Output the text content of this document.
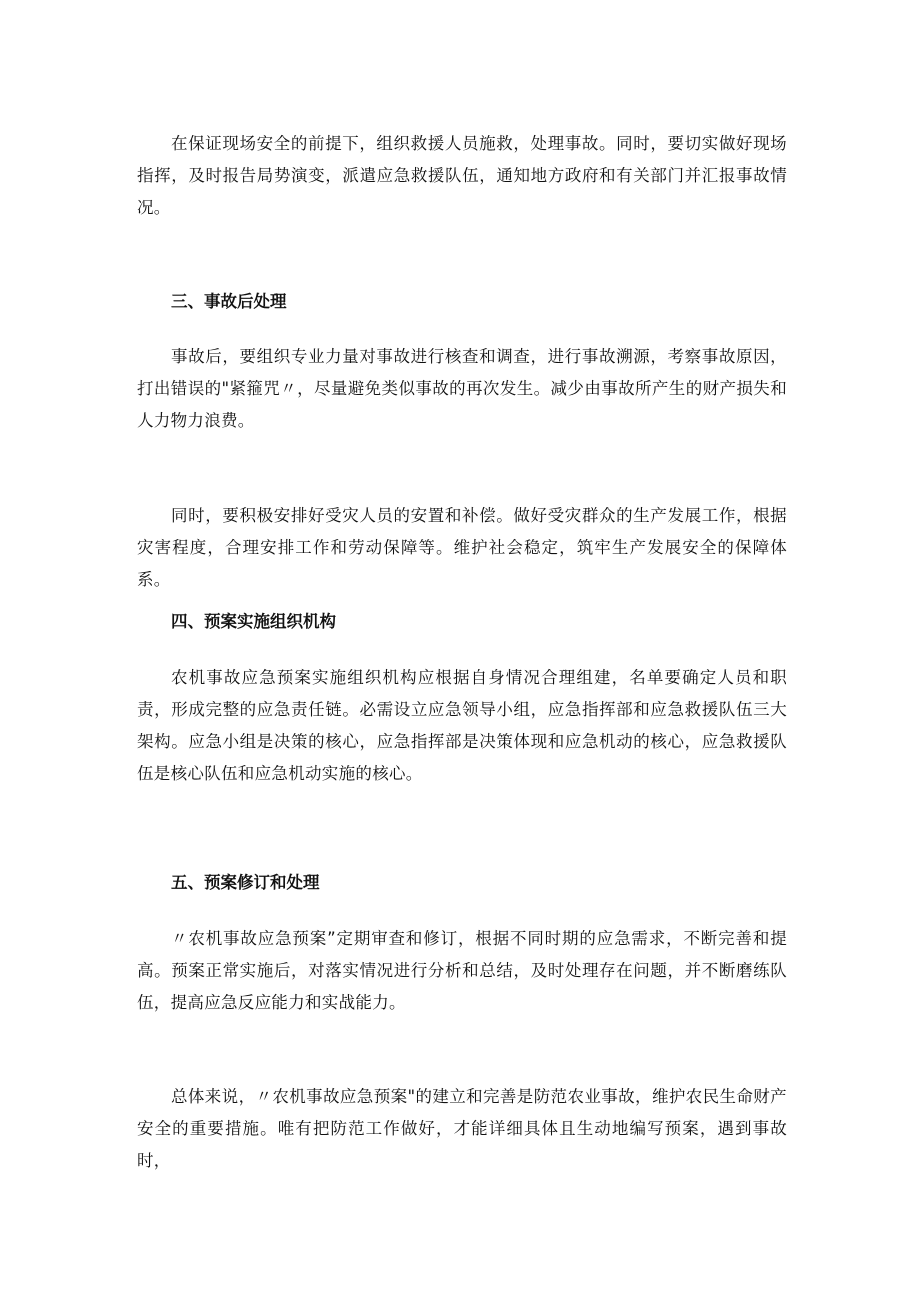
在保证现场安全的前提下，组织救援人员施救，处理事故。同时，要切实做好现场指挥，及时报告局势演变，派遣应急救援队伍，通知地方政府和有关部门并汇报事故情况。

三、事故后处理

事故后，要组织专业力量对事故进行核查和调查，进行事故溯源，考察事故原因，打出错误的"紧箍咒〃，尽量避免类似事故的再次发生。减少由事故所产生的财产损失和人力物力浪费。

同时，要积极安排好受灾人员的安置和补偿。做好受灾群众的生产发展工作，根据灾害程度，合理安排工作和劳动保障等。维护社会稳定，筑牢生产发展安全的保障体系。

四、预案实施组织机构

农机事故应急预案实施组织机构应根据自身情况合理组建，名单要确定人员和职责，形成完整的应急责任链。必需设立应急领导小组，应急指挥部和应急救援队伍三大架构。应急小组是决策的核心，应急指挥部是决策体现和应急机动的核心，应急救援队伍是核心队伍和应急机动实施的核心。

五、预案修订和处理

〃农机事故应急预案”定期审查和修订，根据不同时期的应急需求，不断完善和提高。预案正常实施后，对落实情况进行分析和总结，及时处理存在问题，并不断磨练队伍，提高应急反应能力和实战能力。

总体来说，〃农机事故应急预案"的建立和完善是防范农业事故，维护农民生命财产安全的重要措施。唯有把防范工作做好，才能详细具体且生动地编写预案，遇到事故时，
